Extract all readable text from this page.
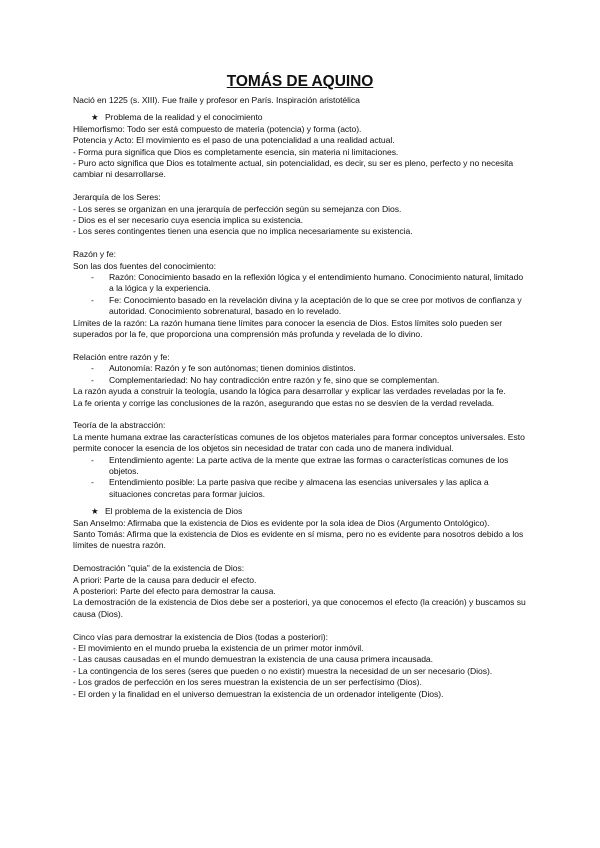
TOMÁS DE AQUINO
Nació en 1225 (s. XIII). Fue fraile y profesor en París. Inspiración aristotélica
★ Problema de la realidad y el conocimiento
Hilemorfismo: Todo ser está compuesto de materia (potencia) y forma (acto).
Potencia y Acto: El movimiento es el paso de una potencialidad a una realidad actual.
- Forma pura significa que Dios es completamente esencia, sin materia ni limitaciones.
- Puro acto significa que Dios es totalmente actual, sin potencialidad, es decir, su ser es pleno, perfecto y no necesita cambiar ni desarrollarse.
Jerarquía de los Seres:
- Los seres se organizan en una jerarquía de perfección según su semejanza con Dios.
- Dios es el ser necesario cuya esencia implica su existencia.
- Los seres contingentes tienen una esencia que no implica necesariamente su existencia.
Razón y fe:
Son las dos fuentes del conocimiento:
- Razón: Conocimiento basado en la reflexión lógica y el entendimiento humano. Conocimiento natural, limitado a la lógica y la experiencia.
- Fe: Conocimiento basado en la revelación divina y la aceptación de lo que se cree por motivos de confianza y autoridad. Conocimiento sobrenatural, basado en lo revelado.
Límites de la razón: La razón humana tiene límites para conocer la esencia de Dios. Estos límites solo pueden ser superados por la fe, que proporciona una comprensión más profunda y revelada de lo divino.
Relación entre razón y fe:
- Autonomía: Razón y fe son autónomas; tienen dominios distintos.
- Complementariedad: No hay contradicción entre razón y fe, sino que se complementan.
La razón ayuda a construir la teología, usando la lógica para desarrollar y explicar las verdades reveladas por la fe.
La fe orienta y corrige las conclusiones de la razón, asegurando que estas no se desvíen de la verdad revelada.
Teoría de la abstracción:
La mente humana extrae las características comunes de los objetos materiales para formar conceptos universales. Esto permite conocer la esencia de los objetos sin necesidad de tratar con cada uno de manera individual.
- Entendimiento agente: La parte activa de la mente que extrae las formas o características comunes de los objetos.
- Entendimiento posible: La parte pasiva que recibe y almacena las esencias universales y las aplica a situaciones concretas para formar juicios.
★ El problema de la existencia de Dios
San Anselmo: Afirmaba que la existencia de Dios es evidente por la sola idea de Dios (Argumento Ontológico).
Santo Tomás: Afirma que la existencia de Dios es evidente en sí misma, pero no es evidente para nosotros debido a los límites de nuestra razón.
Demostración "quia" de la existencia de Dios:
A priori: Parte de la causa para deducir el efecto.
A posteriori: Parte del efecto para demostrar la causa.
La demostración de la existencia de Dios debe ser a posteriori, ya que conocemos el efecto (la creación) y buscamos su causa (Dios).
Cinco vías para demostrar la existencia de Dios (todas a posteriori):
- El movimiento en el mundo prueba la existencia de un primer motor inmóvil.
- Las causas causadas en el mundo demuestran la existencia de una causa primera incausada.
- La contingencia de los seres (seres que pueden o no existir) muestra la necesidad de un ser necesario (Dios).
- Los grados de perfección en los seres muestran la existencia de un ser perfectísimo (Dios).
- El orden y la finalidad en el universo demuestran la existencia de un ordenador inteligente (Dios).
